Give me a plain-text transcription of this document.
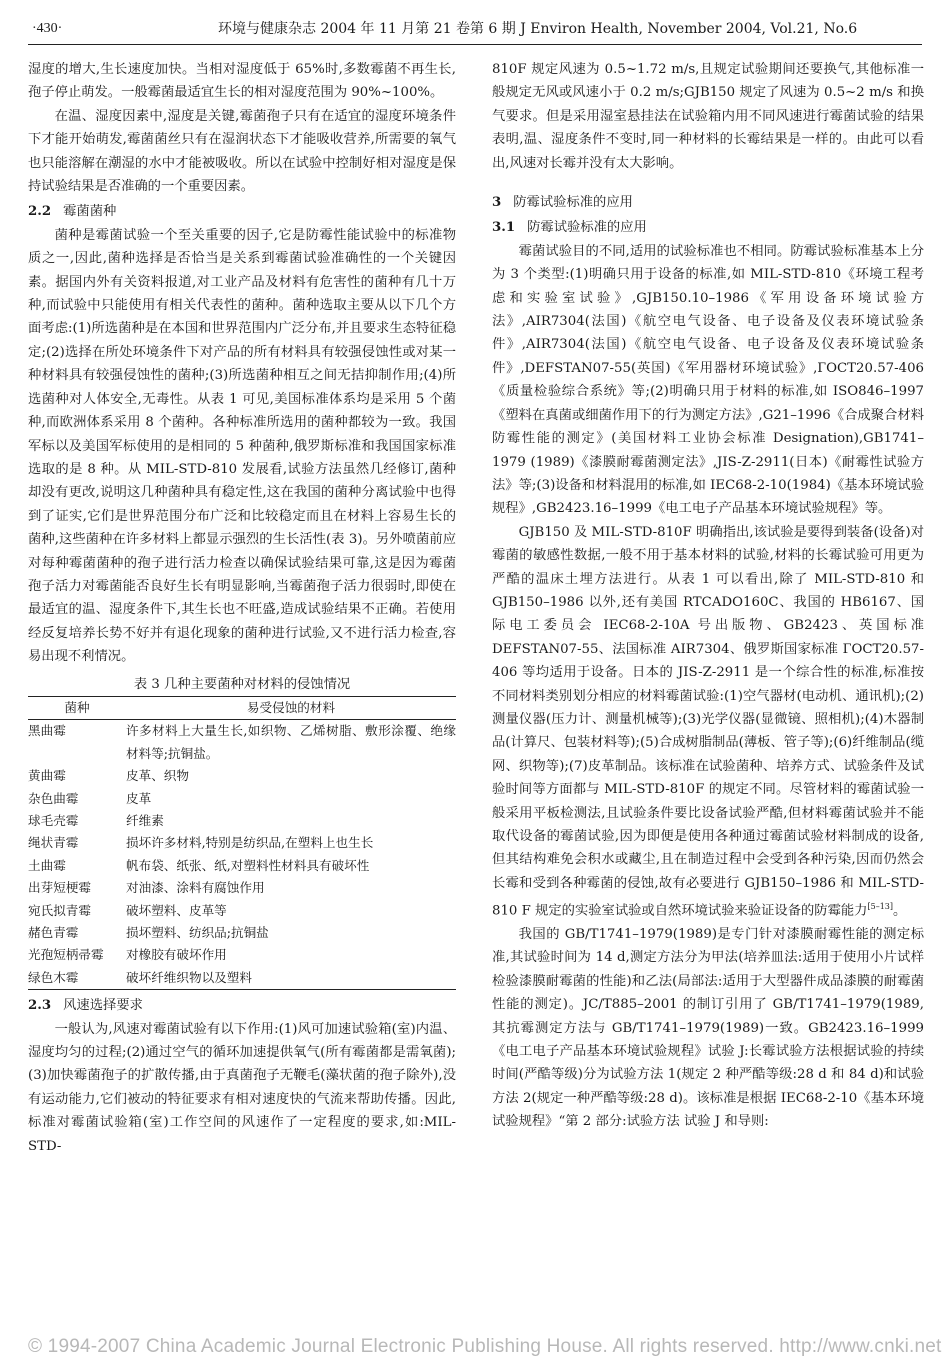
·430·	环境与健康杂志 2004 年 11 月第 21 卷第 6 期 J Environ Health, November 2004, Vol.21, No.6

湿度的增大,生长速度加快。当相对湿度低于 65%时,多数霉菌不再生长,孢子停止萌发。一般霉菌最适宜生长的相对湿度范围为 90%~100%。

在温、湿度因素中,湿度是关键,霉菌孢子只有在适宜的湿度环境条件下才能开始萌发,霉菌菌丝只有在湿润状态下才能吸收营养,所需要的氧气也只能溶解在潮湿的水中才能被吸收。所以在试验中控制好相对湿度是保持试验结果是否准确的一个重要因素。

2.2 霉菌菌种

菌种是霉菌试验一个至关重要的因子,它是防霉性能试验中的标准物质之一,因此,菌种选择是否恰当是关系到霉菌试验准确性的一个关键因素。据国内外有关资料报道,对工业产品及材料有危害性的菌种有几十万种,而试验中只能使用有相关代表性的菌种。菌种选取主要从以下几个方面考虑:(1)所选菌种是在本国和世界范围内广泛分布,并且要求生态特征稳定;(2)选择在所处环境条件下对产品的所有材料具有较强侵蚀性或对某一种材料具有较强侵蚀性的菌种;(3)所选菌种相互之间无拮抑制作用;(4)所选菌种对人体安全,无毒性。从表 1 可见,美国标准体系均是采用 5 个菌种,而欧洲体系采用 8 个菌种。各种标准所选用的菌种都较为一致。我国军标以及美国军标使用的是相同的 5 种菌种,俄罗斯标准和我国国家标准选取的是 8 种。从 MIL-STD-810 发展看,试验方法虽然几经修订,菌种却没有更改,说明这几种菌种具有稳定性,这在我国的菌种分离试验中也得到了证实,它们是世界范围分布广泛和比较稳定而且在材料上容易生长的菌种,这些菌种在许多材料上都显示强烈的生长活性(表 3)。另外喷菌前应对每种霉菌菌种的孢子进行活力检查以确保试验结果可靠,这是因为霉菌孢子活力对霉菌能否良好生长有明显影响,当霉菌孢子活力很弱时,即使在最适宜的温、湿度条件下,其生长也不旺盛,造成试验结果不正确。若使用经反复培养长势不好并有退化现象的菌种进行试验,又不进行活力检查,容易出现不利情况。

表 3 几种主要菌种对材料的侵蚀情况
菌种	易受侵蚀的材料
黑曲霉	许多材料上大量生长,如织物、乙烯树脂、敷形涂覆、绝缘材料等;抗铜盐。
黄曲霉	皮革、织物
杂色曲霉	皮革
球毛壳霉	纤维素
绳状青霉	损坏许多材料,特别是纺织品,在塑料上也生长
土曲霉	帆布袋、纸张、纸,对塑料性材料具有破坏性
出芽短梗霉	对油漆、涂料有腐蚀作用
宛氏拟青霉	破坏塑料、皮革等
赭色青霉	损坏塑料、纺织品;抗铜盐
光孢短柄帚霉	对橡胶有破坏作用
绿色木霉	破坏纤维织物以及塑料
2.3 风速选择要求

一般认为,风速对霉菌试验有以下作用:(1)风可加速试验箱(室)内温、湿度均匀的过程;(2)通过空气的循环加速提供氧气(所有霉菌都是需氧菌);(3)加快霉菌孢子的扩散传播,由于真菌孢子无鞭毛(藻状菌的孢子除外),没有运动能力,它们被动的特征要求有相对速度快的气流来帮助传播。因此,标准对霉菌试验箱(室)工作空间的风速作了一定程度的要求,如:MIL-STD-

810F 规定风速为 0.5~1.72 m/s,且规定试验期间还要换气,其他标准一般规定无风或风速小于 0.2 m/s;GJB150 规定了风速为 0.5~2 m/s 和换气要求。但是采用湿室悬挂法在试验箱内用不同风速进行霉菌试验的结果表明,温、湿度条件不变时,同一种材料的长霉结果是一样的。由此可以看出,风速对长霉并没有太大影响。

3 防霉试验标准的应用
3.1 防霉试验标准的应用

霉菌试验目的不同,适用的试验标准也不相同。防霉试验标准基本上分为 3 个类型:(1)明确只用于设备的标准,如 MIL-STD-810《环境工程考虑和实验室试验》,GJB150.10–1986《军用设备环境试验方法》,AIR7304(法国)《航空电气设备、电子设备及仪表环境试验条件》,AIR7304(法国)《航空电气设备、电子设备及仪表环境试验条件》,DEFSTAN07-55(英国)《军用器材环境试验》,ГОСТ20.57-406《质量检验综合系统》等;(2)明确只用于材料的标准,如 ISO846–1997《塑料在真菌或细菌作用下的行为测定方法》,G21–1996《合成聚合材料防霉性能的测定》(美国材料工业协会标准 Designation),GB1741–1979 (1989)《漆膜耐霉菌测定法》,JIS-Z-2911(日本)《耐霉性试验方法》等;(3)设备和材料混用的标准,如 IEC68-2-10(1984)《基本环境试验规程》,GB2423.16–1999《电工电子产品基本环境试验规程》等。

GJB150 及 MIL-STD-810F 明确指出,该试验是要得到装备(设备)对霉菌的敏感性数据,一般不用于基本材料的试验,材料的长霉试验可用更为严酷的温床土埋方法进行。从表 1 可以看出,除了 MIL-STD-810 和 GJB150–1986 以外,还有美国 RTCADO160C、我国的 HB6167、国际电工委员会 IEC68-2-10A 号出版物、GB2423、英国标准 DEFSTAN07-55、法国标准 AIR7304、俄罗斯国家标准 ГОСТ20.57-406 等均适用于设备。日本的 JIS-Z-2911 是一个综合性的标准,标准按不同材料类别划分相应的材料霉菌试验:(1)空气器材(电动机、通讯机);(2)测量仪器(压力计、测量机械等);(3)光学仪器(显微镜、照相机);(4)木器制品(计算尺、包装材料等);(5)合成树脂制品(薄板、管子等);(6)纤维制品(缆网、织物等);(7)皮革制品。该标准在试验菌种、培养方式、试验条件及试验时间等方面都与 MIL-STD-810F 的规定不同。尽管材料的霉菌试验一般采用平板检测法,且试验条件要比设备试验严酷,但材料霉菌试验并不能取代设备的霉菌试验,因为即便是使用各种通过霉菌试验材料制成的设备,但其结构难免会积水或藏尘,且在制造过程中会受到各种污染,因而仍然会长霉和受到各种霉菌的侵蚀,故有必要进行 GJB150–1986 和 MIL-STD-810 F 规定的实验室试验或自然环境试验来验证设备的防霉能力[5–13]。

我国的 GB/T1741–1979(1989)是专门针对漆膜耐霉性能的测定标准,其试验时间为 14 d,测定方法分为甲法(培养皿法:适用于使用小片试样检验漆膜耐霉菌的性能)和乙法(局部法:适用于大型器件成品漆膜的耐霉菌性能的测定)。JC/T885–2001 的制订引用了 GB/T1741–1979(1989,其抗霉测定方法与 GB/T1741–1979(1989)一致。GB2423.16–1999《电工电子产品基本环境试验规程》试验 J:长霉试验方法根据试验的持续时间(严酷等级)分为试验方法 1(规定 2 种严酷等级:28 d 和 84 d)和试验方法 2(规定一种严酷等级:28 d)。该标准是根据 IEC68-2-10《基本环境试验规程》“第 2 部分:试验方法 试验 J 和导则:

© 1994-2007 China Academic Journal Electronic Publishing House. All rights reserved. http://www.cnki.net
